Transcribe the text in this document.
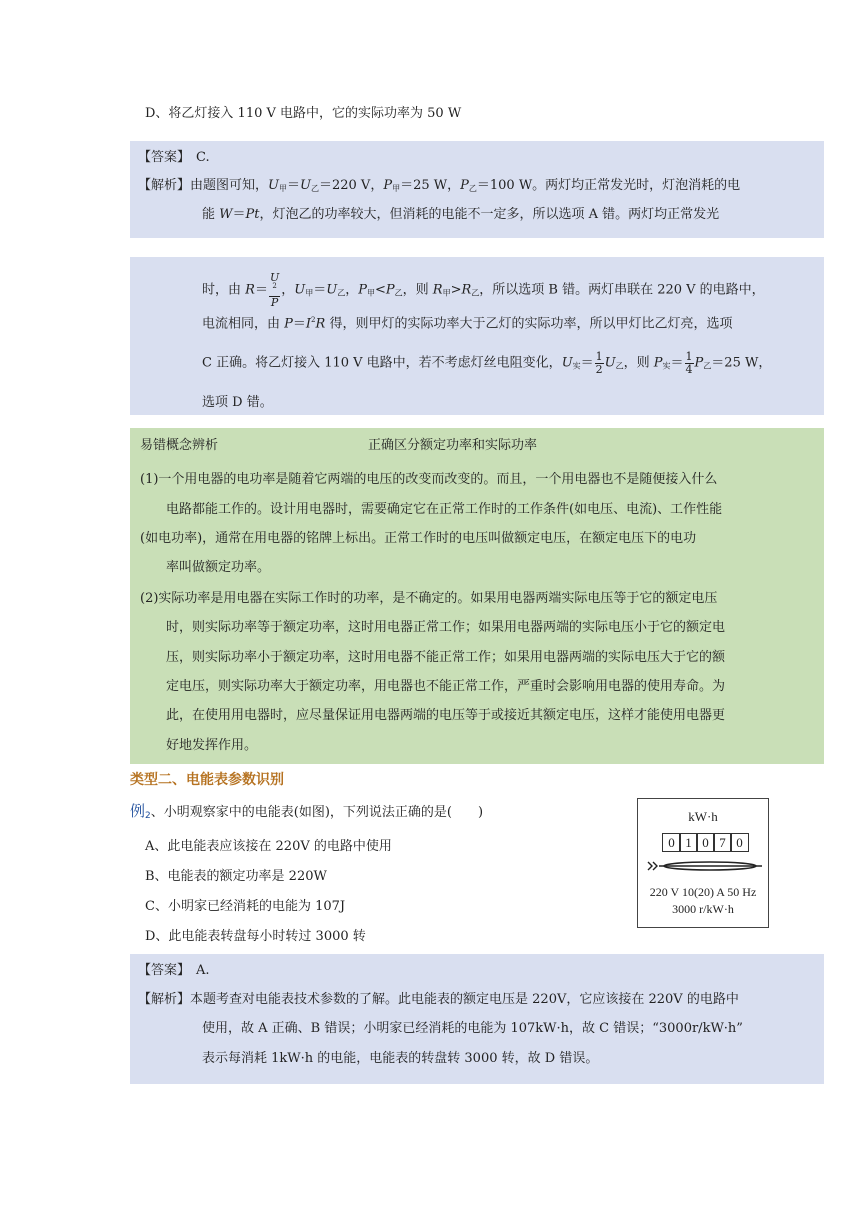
D、将乙灯接入 110 V 电路中，它的实际功率为 50 W
【答案】 C.
【解析】由题图可知，$U_甲=U_乙=220$ V，$P_甲=25$ W，$P_乙=100$ W。两灯均正常发光时，灯泡消耗的电
能 W＝Pt，灯泡乙的功率较大，但消耗的电能不一定多，所以选项 A 错。两灯均正常发光
时，由 R＝ U
$^2$
P ，$U_甲=U_乙$，$P_甲<P_乙$，则 $R_甲>R_乙$，所以选项 B 错。两灯串联在 220 V 的电路中，
电流相同，由 $P=I^2R$ 得，则甲灯的实际功率大于乙灯的实际功率，所以甲灯比乙灯亮，选项
C 正确。将乙灯接入 110 V 电路中，若不考虑灯丝电阻变化，$U_实= \frac{1}{2} U_乙$，则 $P_实= \frac{1}{4} P_乙=25$ W，
选项 D 错。
易错概念辨析	正确区分额定功率和实际功率
(1)一个用电器的电功率是随着它两端的电压的改变而改变的。而且，一个用电器也不是随便接入什么
电路都能工作的。设计用电器时，需要确定它在正常工作时的工作条件(如电压、电流)、工作性能
(如电功率)，通常在用电器的铭牌上标出。正常工作时的电压叫做额定电压，在额定电压下的电功
率叫做额定功率。
(2)实际功率是用电器在实际工作时的功率，是不确定的。如果用电器两端实际电压等于它的额定电压
时，则实际功率等于额定功率，这时用电器正常工作；如果用电器两端的实际电压小于它的额定电
压，则实际功率小于额定功率，这时用电器不能正常工作；如果用电器两端的实际电压大于它的额
定电压，则实际功率大于额定功率，用电器也不能正常工作，严重时会影响用电器的使用寿命。为
此，在使用用电器时，应尽量保证用电器两端的电压等于或接近其额定电压，这样才能使用电器更
好地发挥作用。
类型二、电能表参数识别
例$_2$、小明观察家中的电能表(如图)，下列说法正确的是(　　)
A、此电能表应该接在 220V 的电路中使用
B、电能表的额定功率是 220W
C、小明家已经消耗的电能为 107J
D、此电能表转盘每小时转过 3000 转
kW·h
0 1 0 7 0
220 V 10(20) A 50 Hz
3000 r/kW·h
【答案】 A.
【解析】本题考查对电能表技术参数的了解。此电能表的额定电压是 220V，它应该接在 220V 的电路中
使用，故 A 正确、B 错误；小明家已经消耗的电能为 107kW·h，故 C 错误；“3000r/kW·h”
表示每消耗 1kW·h 的电能，电能表的转盘转 3000 转，故 D 错误。
